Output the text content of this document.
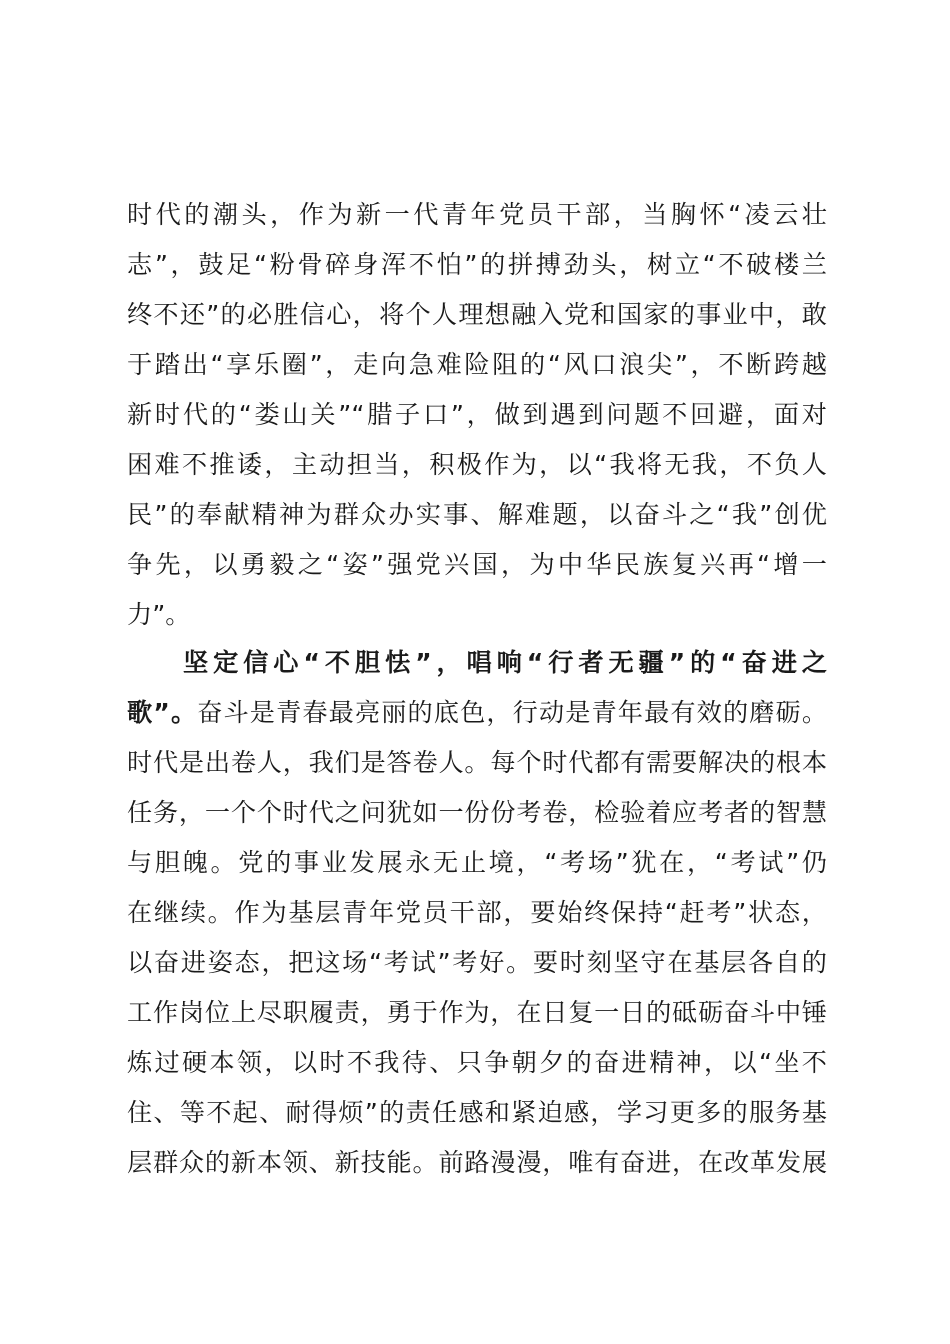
时代的潮头，作为新一代青年党员干部，当胸怀“凌云壮
志”，鼓足“粉骨碎身浑不怕”的拼搏劲头，树立“不破楼兰
终不还”的必胜信心，将个人理想融入党和国家的事业中，敢
于踏出“享乐圈”，走向急难险阻的“风口浪尖”，不断跨越
新时代的“娄山关”“腊子口”，做到遇到问题不回避，面对
困难不推诿，主动担当，积极作为，以“我将无我，不负人
民”的奉献精神为群众办实事、解难题，以奋斗之“我”创优
争先，以勇毅之“姿”强党兴国，为中华民族复兴再“增一
力”。
坚定信心“不胆怯”，唱响“行者无疆”的“奋进之
歌”。奋斗是青春最亮丽的底色，行动是青年最有效的磨砺。
时代是出卷人，我们是答卷人。每个时代都有需要解决的根本
任务，一个个时代之问犹如一份份考卷，检验着应考者的智慧
与胆魄。党的事业发展永无止境，“考场”犹在，“考试”仍
在继续。作为基层青年党员干部，要始终保持“赶考”状态，
以奋进姿态，把这场“考试”考好。要时刻坚守在基层各自的
工作岗位上尽职履责，勇于作为，在日复一日的砥砺奋斗中锤
炼过硬本领，以时不我待、只争朝夕的奋进精神，以“坐不
住、等不起、耐得烦”的责任感和紧迫感，学习更多的服务基
层群众的新本领、新技能。前路漫漫，唯有奋进，在改革发展
